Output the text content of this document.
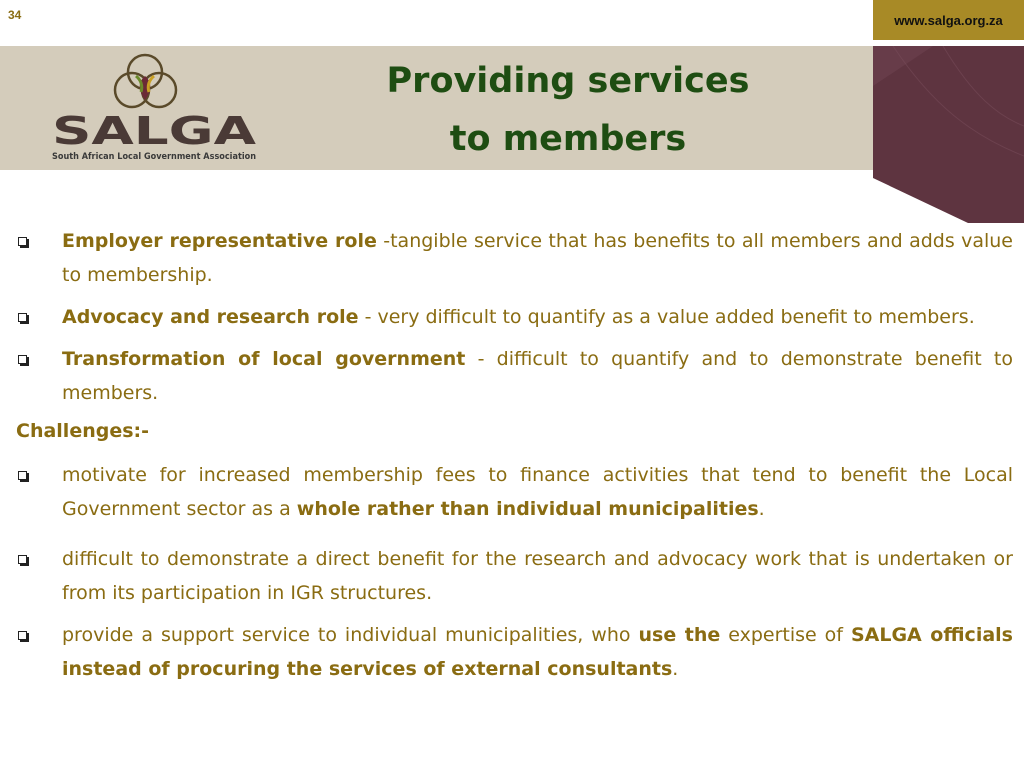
34	www.salga.org.za
SALGA
South African Local Government Association
Providing services
to members
Employer representative role -tangible service that has benefits to all members and adds value to membership.
Advocacy and research role - very difficult to quantify as a value added benefit to members.
Transformation of local government - difficult to quantify and to demonstrate benefit to members.
Challenges:-
motivate for increased membership fees to finance activities that tend to benefit the Local Government sector as a whole rather than individual municipalities.
difficult to demonstrate a direct benefit for the research and advocacy work that is undertaken or from its participation in IGR structures.
provide a support service to individual municipalities, who use the expertise of SALGA officials instead of procuring the services of external consultants.
